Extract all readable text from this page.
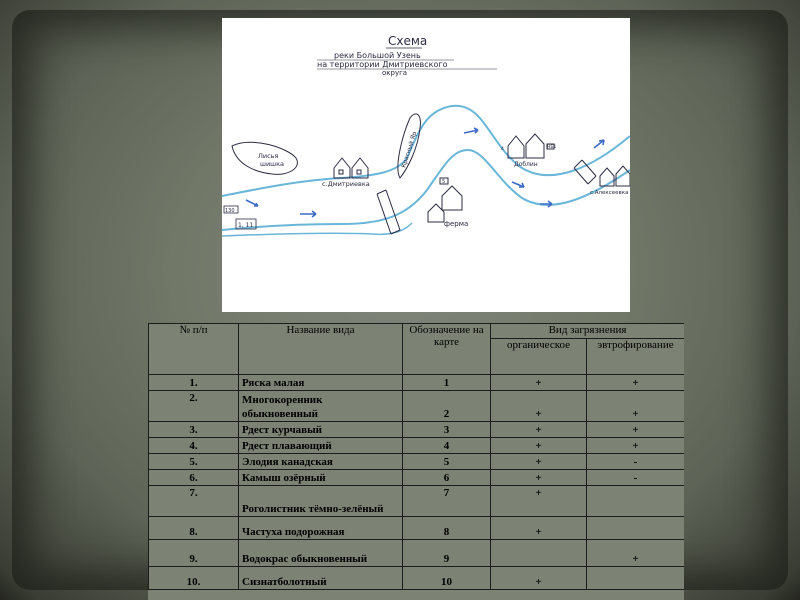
Схема
реки Большой Узень
на территории Дмитриевского
округа
Лисья
шишка
с.Дмитриевка
Красный Яр
5
ферма
НБ1
4
Доблин
с.Алексеевка
130
1, 11
№ п/п	Название вида	Обозначение на карте	Вид загрязнения	
			органическое	эвтрофирование
1.	Ряска малая	1	+	+
2.	Многокоренник обыкновенный	2	+	+
3.	Рдест курчавый	3	+	+
4.	Рдест плавающий	4	+	+
5.	Элодия канадская	5	+	-
6.	Камыш озёрный	6	+	-
7.	Роголистник тёмно-зелёный	7	+	
8.	Частуха подорожная	8	+	
9.	Водокрас обыкновенный	9		+
10.	Сизнатболотный	10	+	
